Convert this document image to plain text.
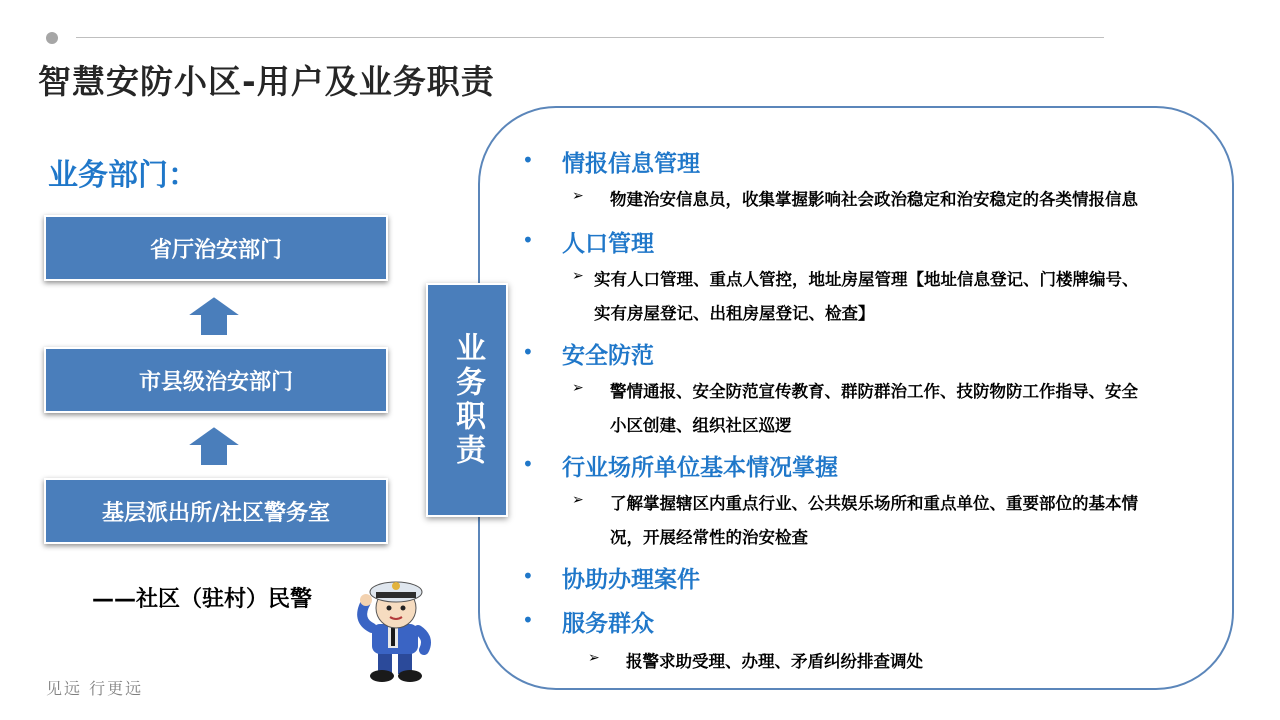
智慧安防小区-用户及业务职责
业务部门：
省厅治安部门
市县级治安部门
基层派出所/社区警务室
——社区（驻村）民警
见远 行更远
业务职责
• 情报信息管理
➢ 物建治安信息员，收集掌握影响社会政治稳定和治安稳定的各类情报信息
• 人口管理
➢ 实有人口管理、重点人管控，地址房屋管理【地址信息登记、门楼牌编号、
实有房屋登记、出租房屋登记、检查】
• 安全防范
➢ 警情通报、安全防范宣传教育、群防群治工作、技防物防工作指导、安全
小区创建、组织社区巡逻
• 行业场所单位基本情况掌握
➢ 了解掌握辖区内重点行业、公共娱乐场所和重点单位、重要部位的基本情
况，开展经常性的治安检查
• 协助办理案件
• 服务群众
➢ 报警求助受理、办理、矛盾纠纷排查调处
